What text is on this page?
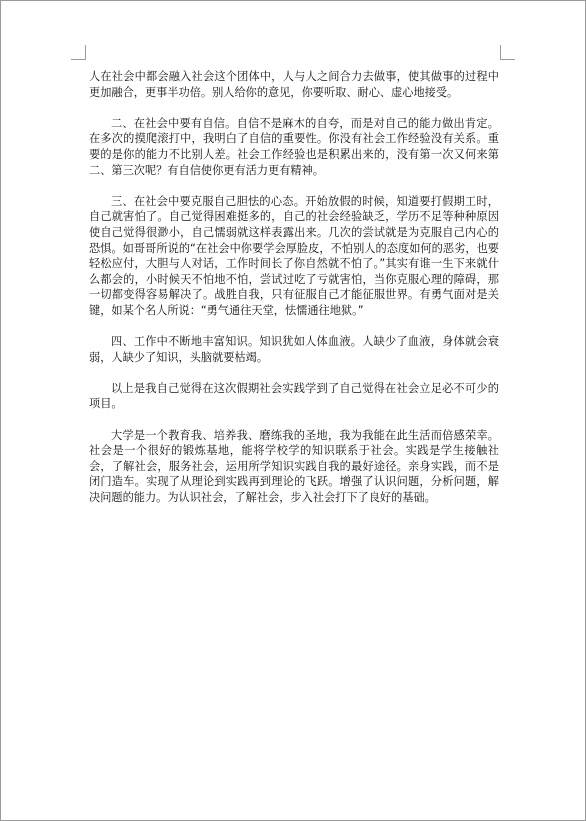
人在社会中都会融入社会这个团体中，人与人之间合力去做事，使其做事的过程中更加融合，更事半功倍。别人给你的意见，你要听取、耐心、虚心地接受。

二、在社会中要有自信。自信不是麻木的自夸，而是对自己的能力做出肯定。在多次的摸爬滚打中，我明白了自信的重要性。你没有社会工作经验没有关系。重要的是你的能力不比别人差。社会工作经验也是积累出来的，没有第一次又何来第二、第三次呢？有自信使你更有活力更有精神。

三、在社会中要克服自己胆怯的心态。开始放假的时候，知道要打假期工时，自己就害怕了。自己觉得困难挺多的，自己的社会经验缺乏，学历不足等种种原因使自己觉得很渺小，自己懦弱就这样表露出来。几次的尝试就是为克服自己内心的恐惧。如哥哥所说的“在社会中你要学会厚脸皮，不怕别人的态度如何的恶劣，也要轻松应付，大胆与人对话，工作时间长了你自然就不怕了。”其实有谁一生下来就什么都会的，小时候天不怕地不怕，尝试过吃了亏就害怕，当你克服心理的障碍，那一切都变得容易解决了。战胜自我，只有征服自己才能征服世界。有勇气面对是关键，如某个名人所说：“勇气通往天堂，怯懦通往地狱。”

四、工作中不断地丰富知识。知识犹如人体血液。人缺少了血液，身体就会衰弱，人缺少了知识，头脑就要枯竭。

以上是我自己觉得在这次假期社会实践学到了自己觉得在社会立足必不可少的项目。

大学是一个教育我、培养我、磨练我的圣地，我为我能在此生活而倍感荣幸。社会是一个很好的锻炼基地，能将学校学的知识联系于社会。实践是学生接触社会，了解社会，服务社会，运用所学知识实践自我的最好途径。亲身实践，而不是闭门造车。实现了从理论到实践再到理论的飞跃。增强了认识问题，分析问题，解决问题的能力。为认识社会，了解社会，步入社会打下了良好的基础。
